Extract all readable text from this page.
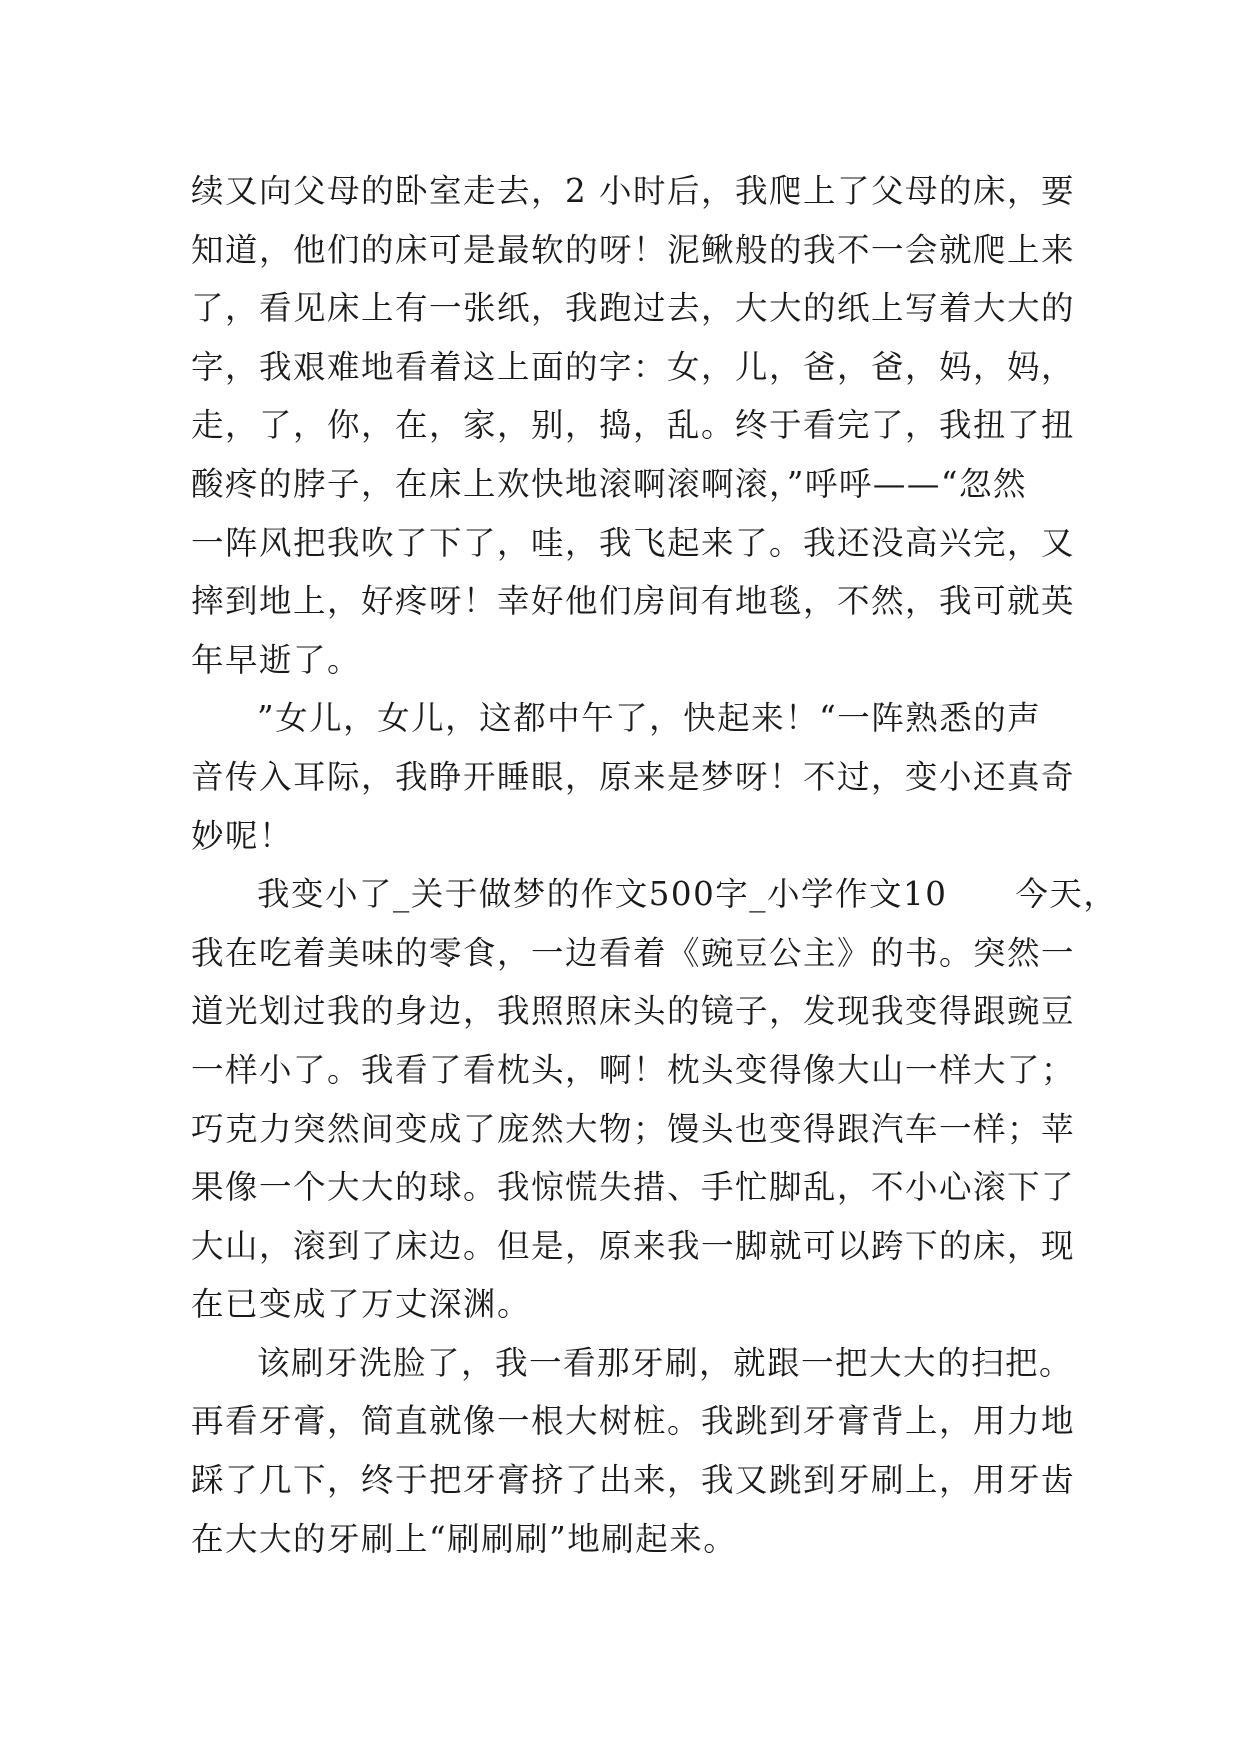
续又向父母的卧室走去，2 小时后，我爬上了父母的床，要
知道，他们的床可是最软的呀！泥鳅般的我不一会就爬上来
了，看见床上有一张纸，我跑过去，大大的纸上写着大大的
字，我艰难地看着这上面的字：女，儿，爸，爸，妈，妈，
走，了，你，在，家，别，捣，乱。终于看完了，我扭了扭
酸疼的脖子，在床上欢快地滚啊滚啊滚，”呼呼——“忽然
一阵风把我吹了下了，哇，我飞起来了。我还没高兴完，又
摔到地上，好疼呀！幸好他们房间有地毯，不然，我可就英
年早逝了。
”女儿，女儿，这都中午了，快起来！“一阵熟悉的声
音传入耳际，我睁开睡眼，原来是梦呀！不过，变小还真奇
妙呢！
我变小了_关于做梦的作文500字_小学作文10　　今天，
我在吃着美味的零食，一边看着《豌豆公主》的书。突然一
道光划过我的身边，我照照床头的镜子，发现我变得跟豌豆
一样小了。我看了看枕头，啊！枕头变得像大山一样大了；
巧克力突然间变成了庞然大物；馒头也变得跟汽车一样；苹
果像一个大大的球。我惊慌失措、手忙脚乱，不小心滚下了
大山，滚到了床边。但是，原来我一脚就可以跨下的床，现
在已变成了万丈深渊。
该刷牙洗脸了，我一看那牙刷，就跟一把大大的扫把。
再看牙膏，简直就像一根大树桩。我跳到牙膏背上，用力地
踩了几下，终于把牙膏挤了出来，我又跳到牙刷上，用牙齿
在大大的牙刷上“刷刷刷”地刷起来。
